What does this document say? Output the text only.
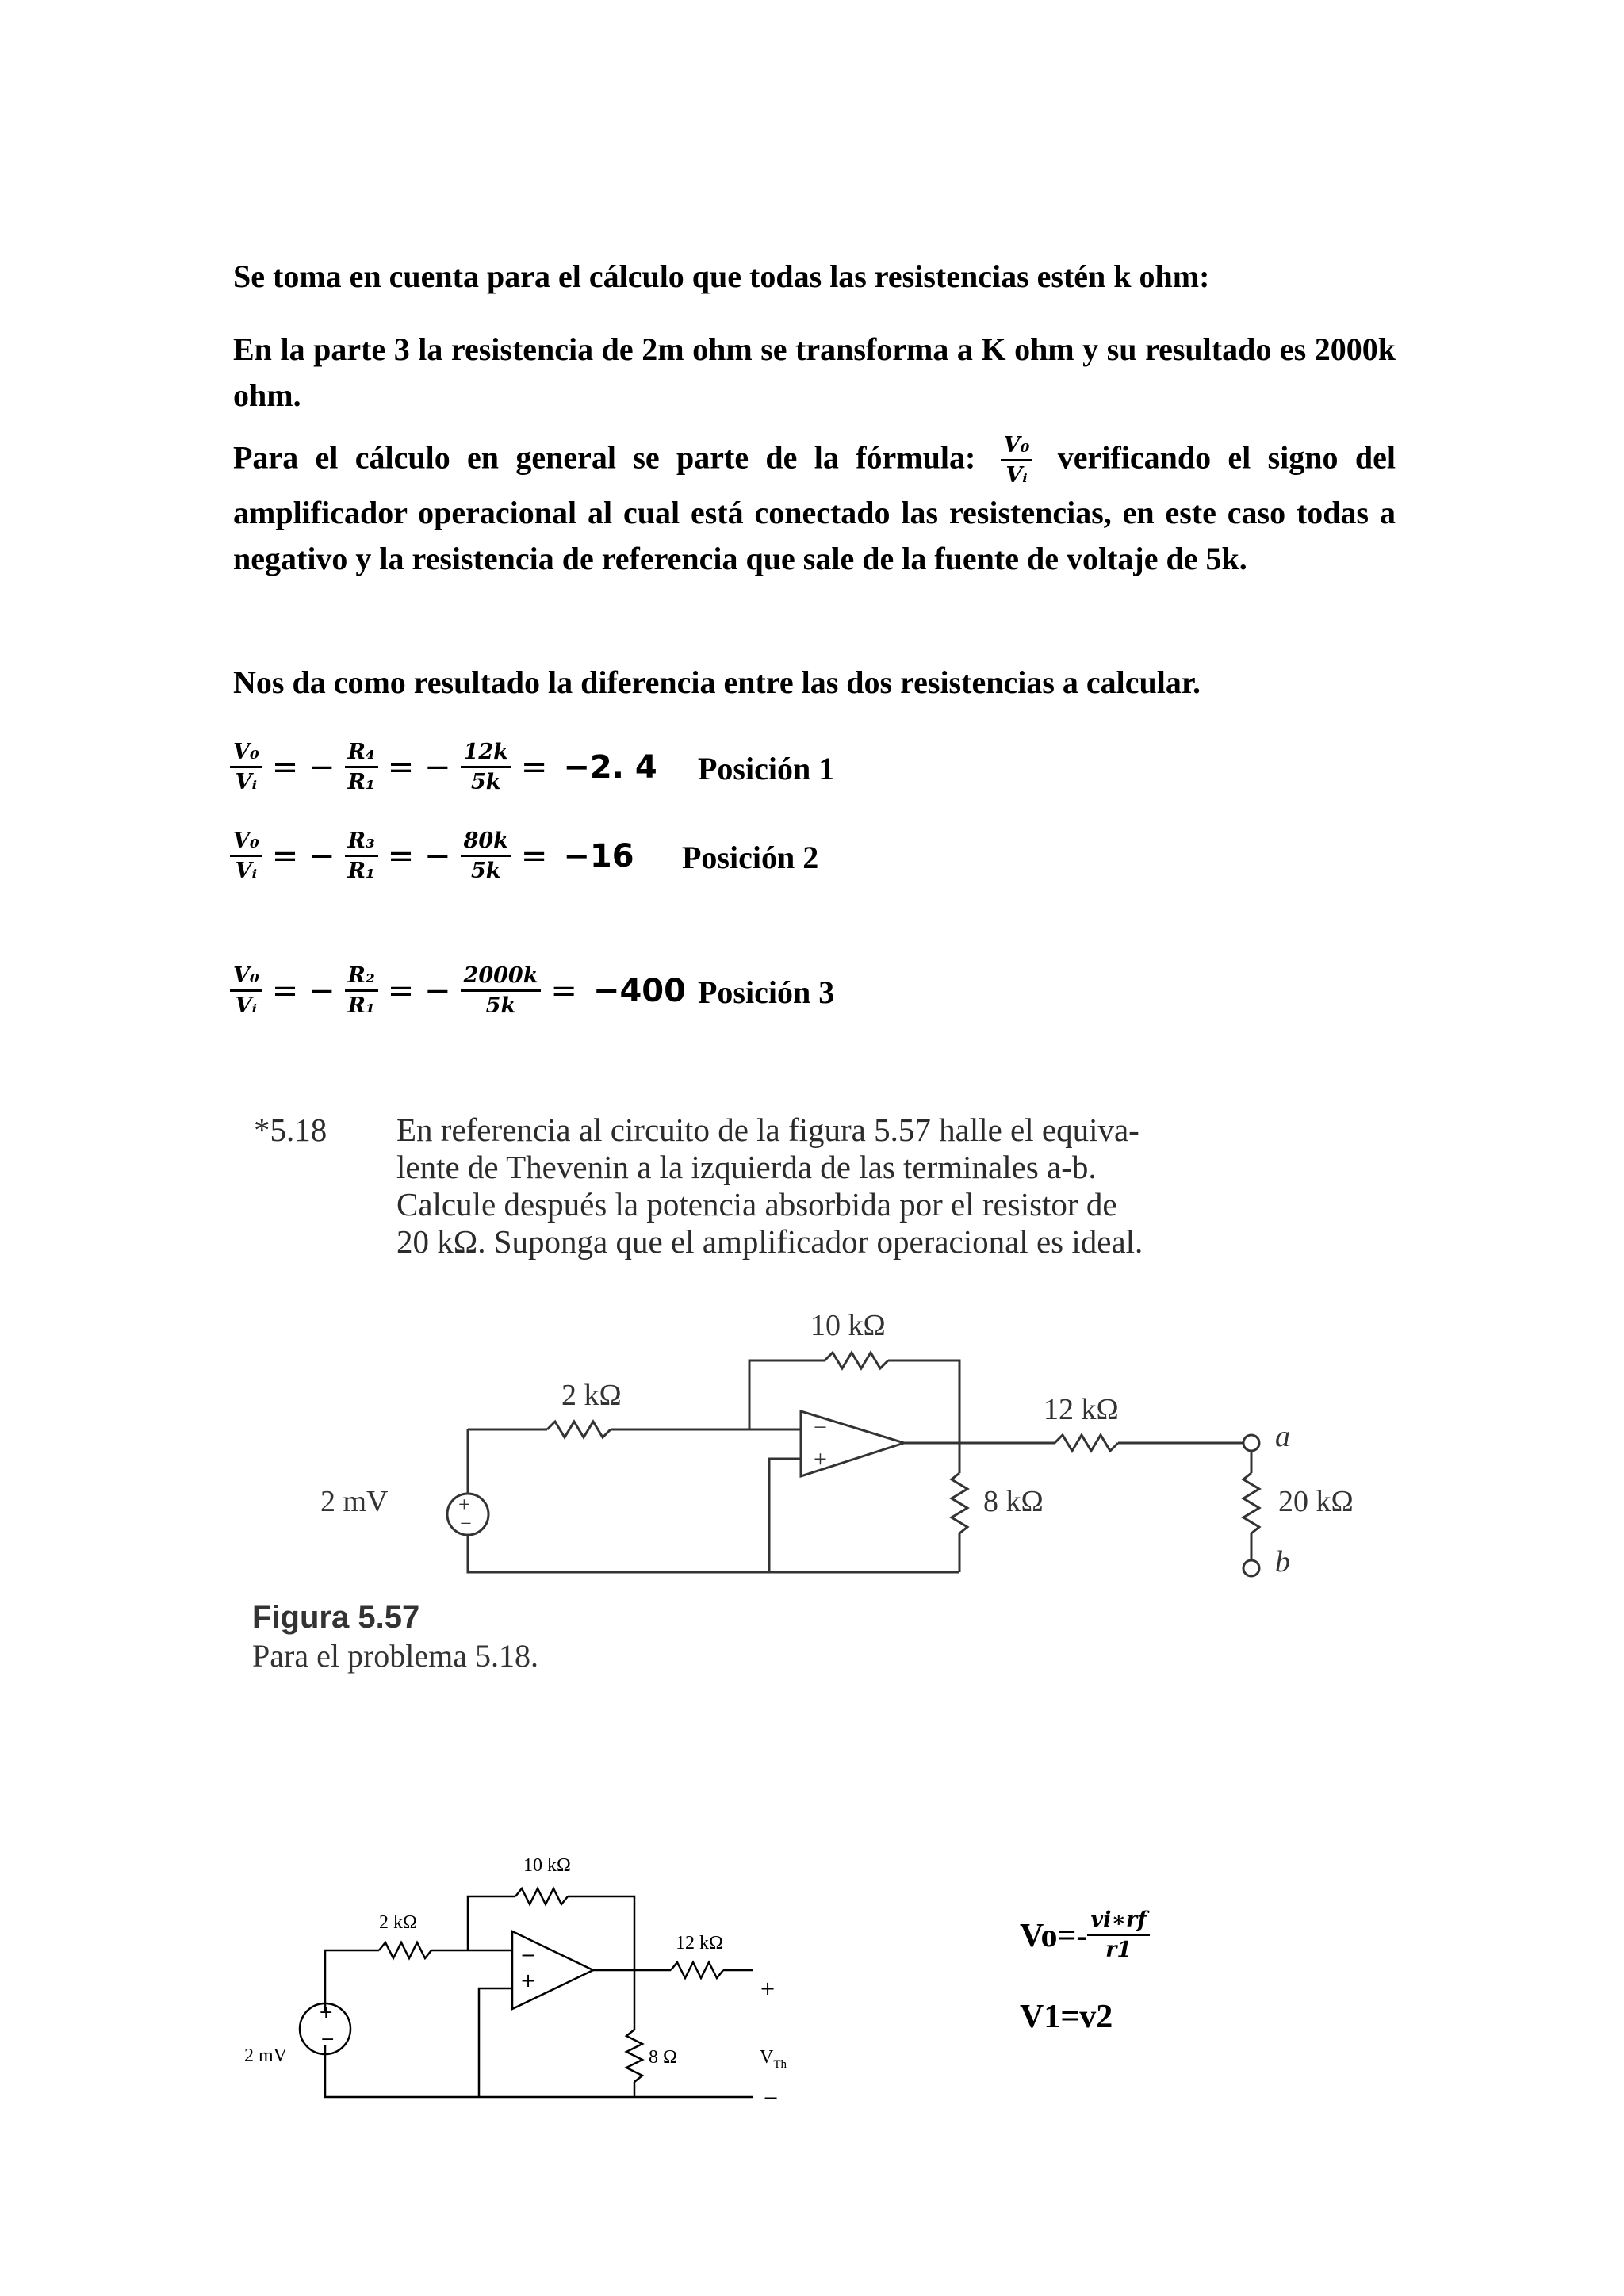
Se toma en cuenta para el cálculo que todas las resistencias estén k ohm:

En la parte 3 la resistencia de 2m ohm se transforma a K ohm y su resultado es 2000k ohm.

Para el cálculo en general se parte de la fórmula: $\frac{\text{V₀}}{\text{Vᵢ}}$ verificando el signo del amplificador operacional al cual está conectado las resistencias, en este caso todas a negativo y la resistencia de referencia que sale de la fuente de voltaje de 5k.

Nos da como resultado la diferencia entre las dos resistencias a calcular.

$\frac{\text{V₀}}{\text{Vᵢ}}$ = − $\frac{\text{R₄}}{\text{R₁}}$ = − $\frac{12k}{5k} = -2$. 4 Posición 1
$\frac{\text{V₀}}{\text{Vᵢ}}$ = − $\frac{\text{R₃}}{\text{R₁}}$ = − $\frac{80k}{5k} = -16$ Posición 2
$\frac{\text{V₀}}{\text{Vᵢ}}$ = − $\frac{\text{R₂}}{\text{R₁}}$ = − $\frac{2000k}{5k} = -400$ Posición 3
*5.18 En referencia al circuito de la figura 5.57 halle el equiva-
lente de Thevenin a la izquierda de las terminales a-b.
Calcule después la potencia absorbida por el resistor de
20 kΩ. Suponga que el amplificador operacional es ideal.
−
+
+
−
10 kΩ
2 kΩ	12 kΩ
8 kΩ	20 kΩ
2 mV
a
b
Figura 5.57
Para el problema 5.18.
10 kΩ
2 kΩ
12 kΩ
8 Ω
2 mV
−
+
+
−
+
$V_{Th}$
−
$Vo=- \frac{vi∗rf}{r1}$
V1=v2
